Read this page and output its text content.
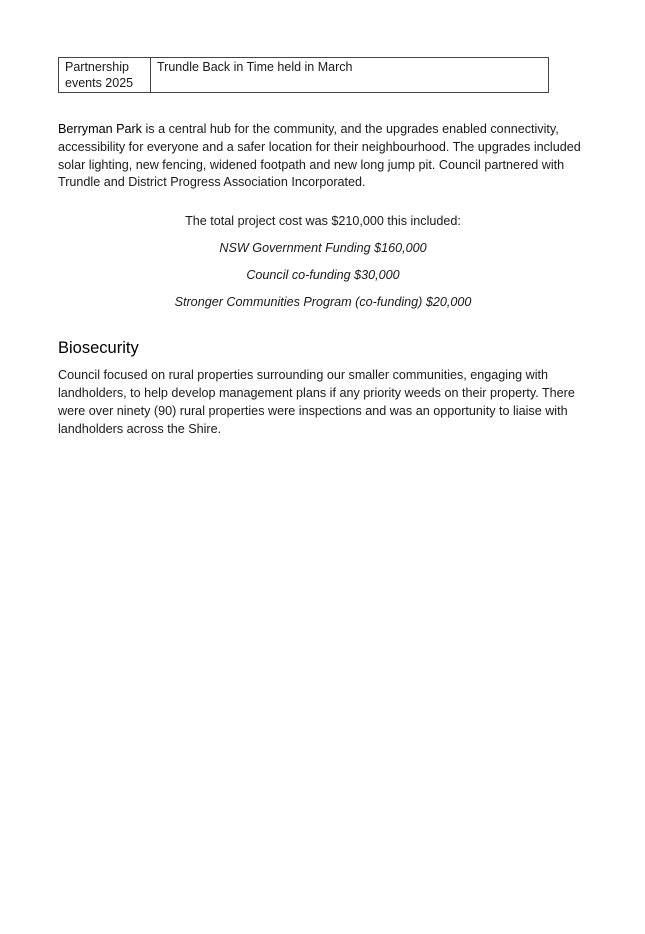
Partnership events 2025	Trundle Back in Time held in March

Berryman Park is a central hub for the community, and the upgrades enabled connectivity, accessibility for everyone and a safer location for their neighbourhood. The upgrades included solar lighting, new fencing, widened footpath and new long jump pit. Council partnered with Trundle and District Progress Association Incorporated.

The total project cost was $210,000 this included:
NSW Government Funding $160,000
Council co-funding $30,000
Stronger Communities Program (co-funding) $20,000
Biosecurity

Council focused on rural properties surrounding our smaller communities, engaging with landholders, to help develop management plans if any priority weeds on their property. There were over ninety (90) rural properties were inspections and was an opportunity to liaise with landholders across the Shire.
